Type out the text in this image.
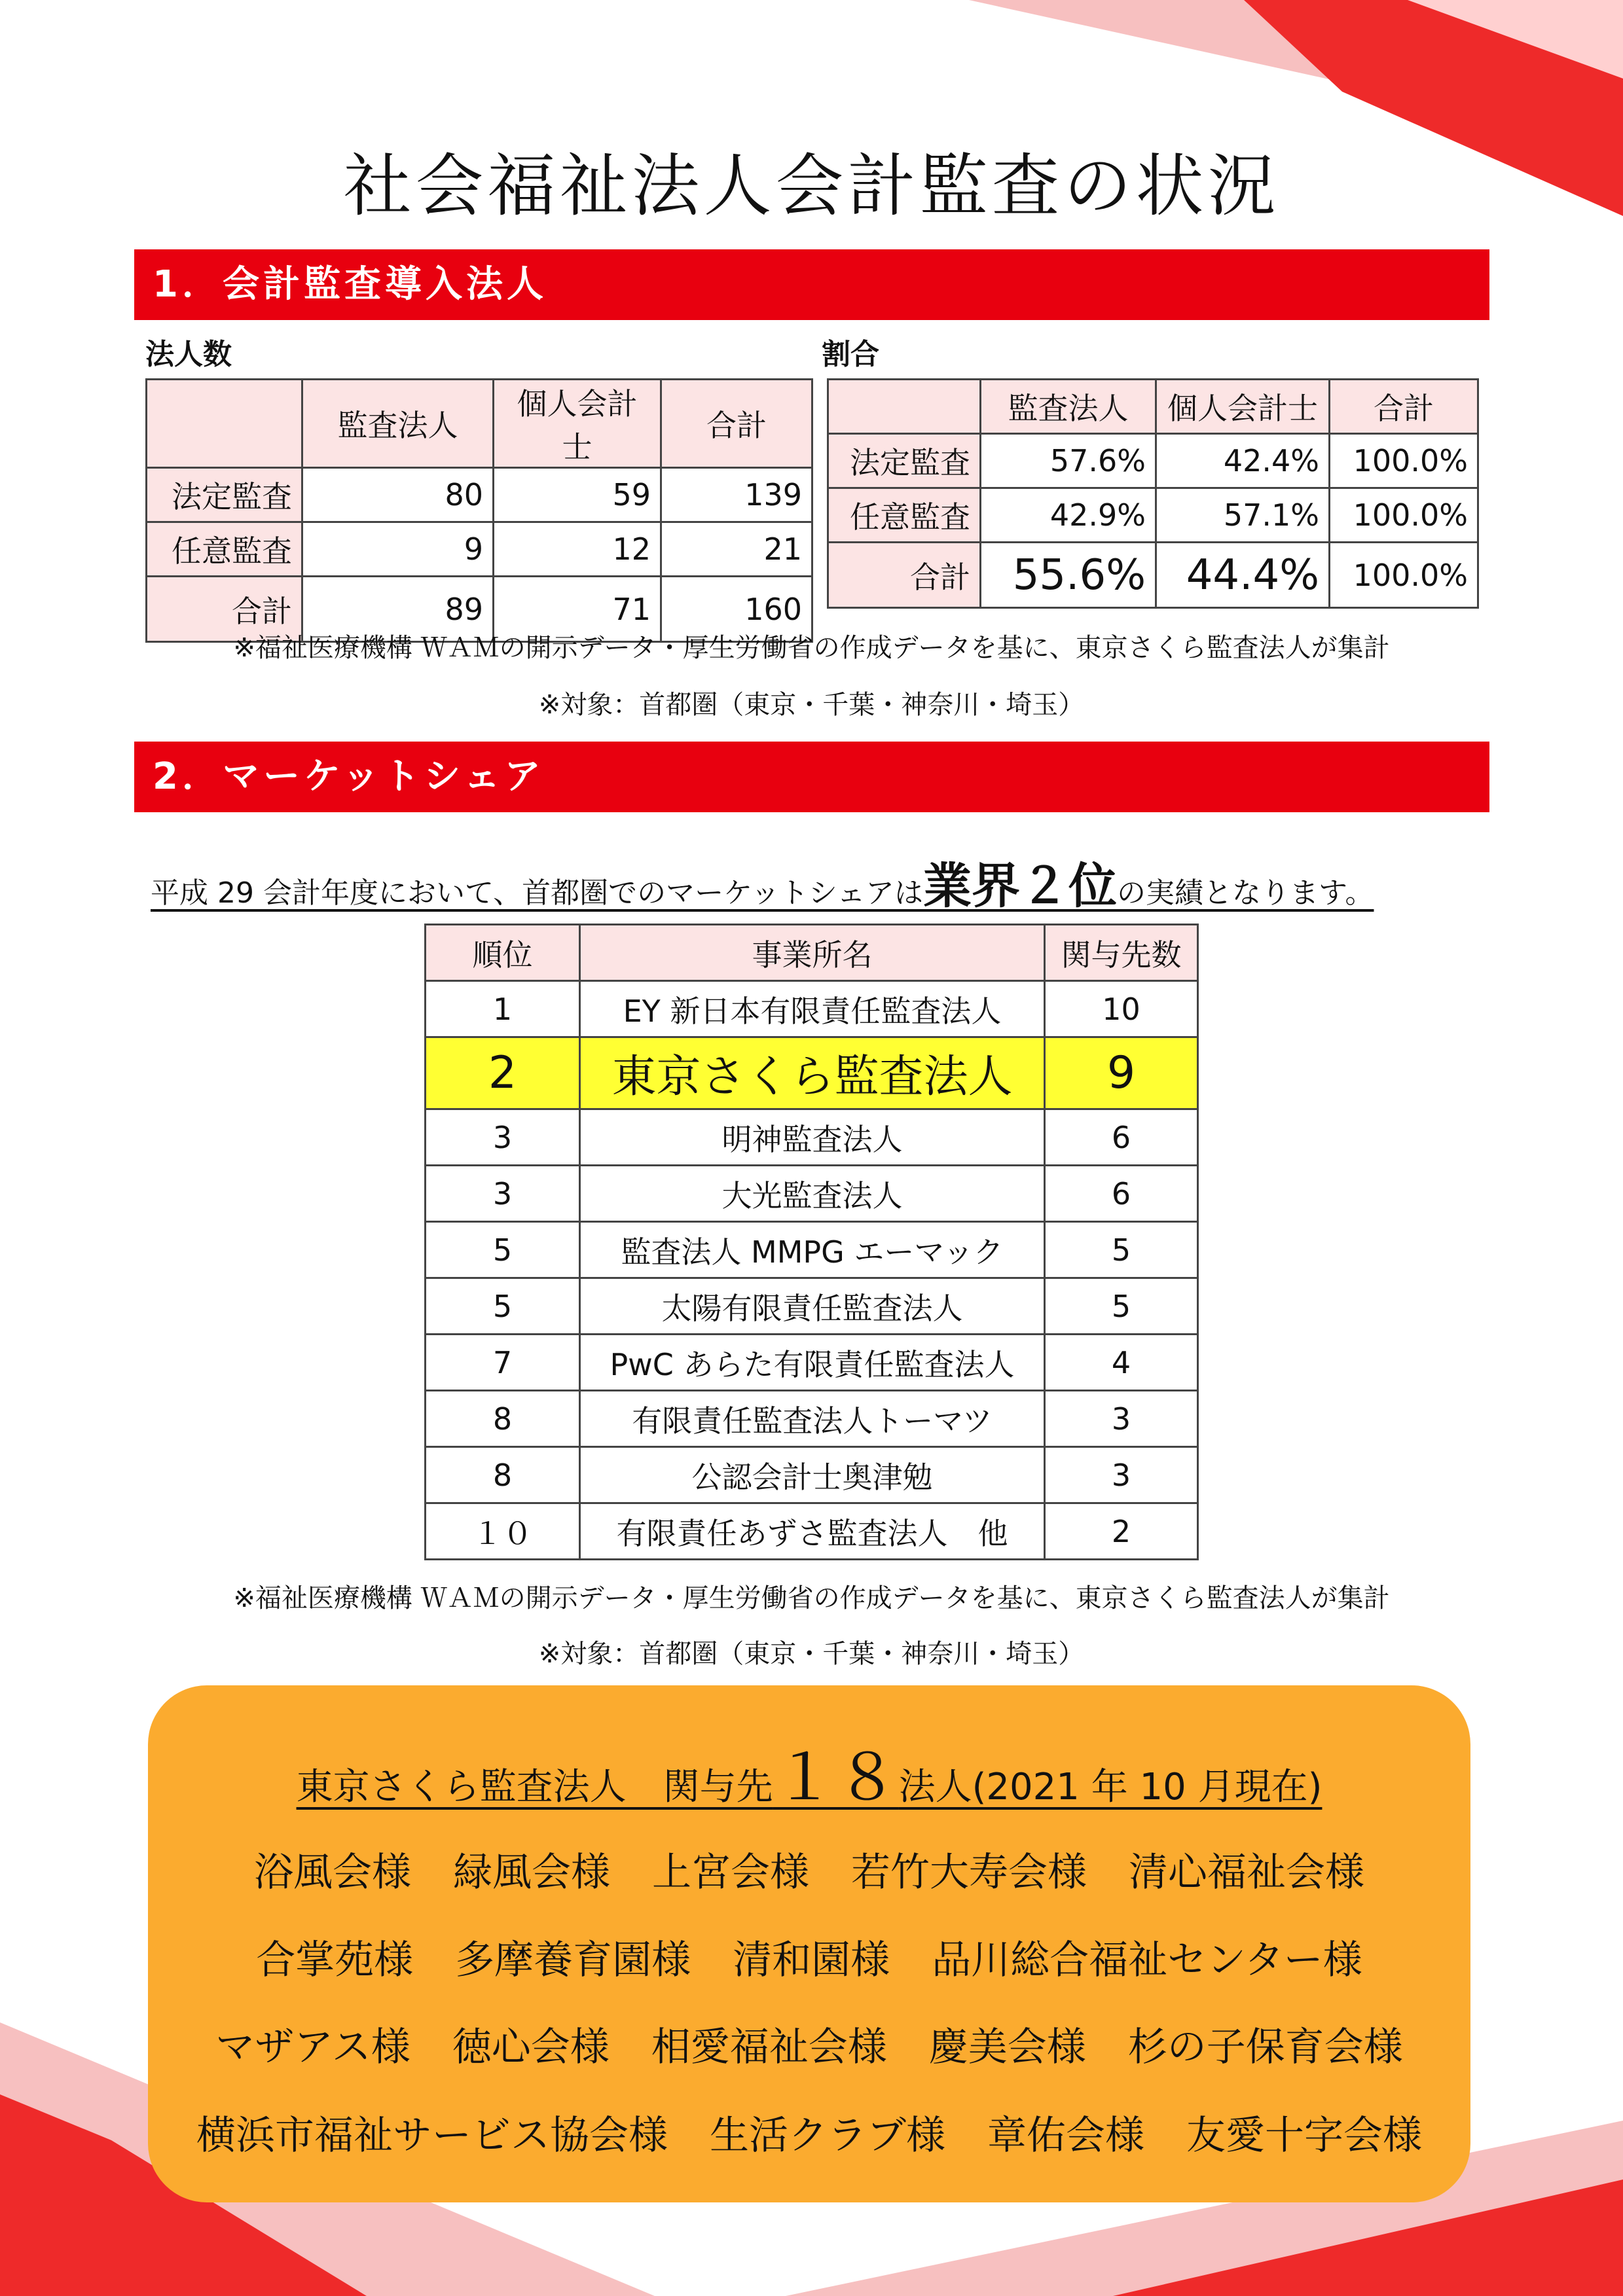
社会福祉法人会計監査の状況
1．会計監査導入法人
法人数	割合
	監査法人	個人会計士	合計
法定監査	80	59	139
任意監査	9	12	21
合計	89	71	160
	監査法人	個人会計士	合計
法定監査	57.6%	42.4%	100.0%
任意監査	42.9%	57.1%	100.0%
合計	55.6%	44.4%	100.0%
※福祉医療機構 ＷＡＭの開示データ・厚生労働省の作成データを基に、東京さくら監査法人が集計
※対象：首都圏（東京・千葉・神奈川・埼玉）
2．マーケットシェア
平成 29 会計年度において、首都圏でのマーケットシェアは業界２位の実績となります。
順位	事業所名	関与先数
1	EY 新日本有限責任監査法人	10
2	東京さくら監査法人	9
3	明神監査法人	6
3	大光監査法人	6
5	監査法人 MMPG エーマック	5
5	太陽有限責任監査法人	5
7	PwC あらた有限責任監査法人	4
8	有限責任監査法人トーマツ	3
8	公認会計士奥津勉	3
１０	有限責任あずさ監査法人　他	2
※福祉医療機構 ＷＡＭの開示データ・厚生労働省の作成データを基に、東京さくら監査法人が集計
※対象：首都圏（東京・千葉・神奈川・埼玉）
東京さくら監査法人　関与先１８法人(2021 年 10 月現在)
浴風会様 緑風会様 上宮会様 若竹大寿会様 清心福祉会様
合掌苑様 多摩養育園様 清和園様 品川総合福祉センター様
マザアス様 徳心会様 相愛福祉会様 慶美会様 杉の子保育会様
横浜市福祉サービス協会様 生活クラブ様 章佑会様 友愛十字会様
